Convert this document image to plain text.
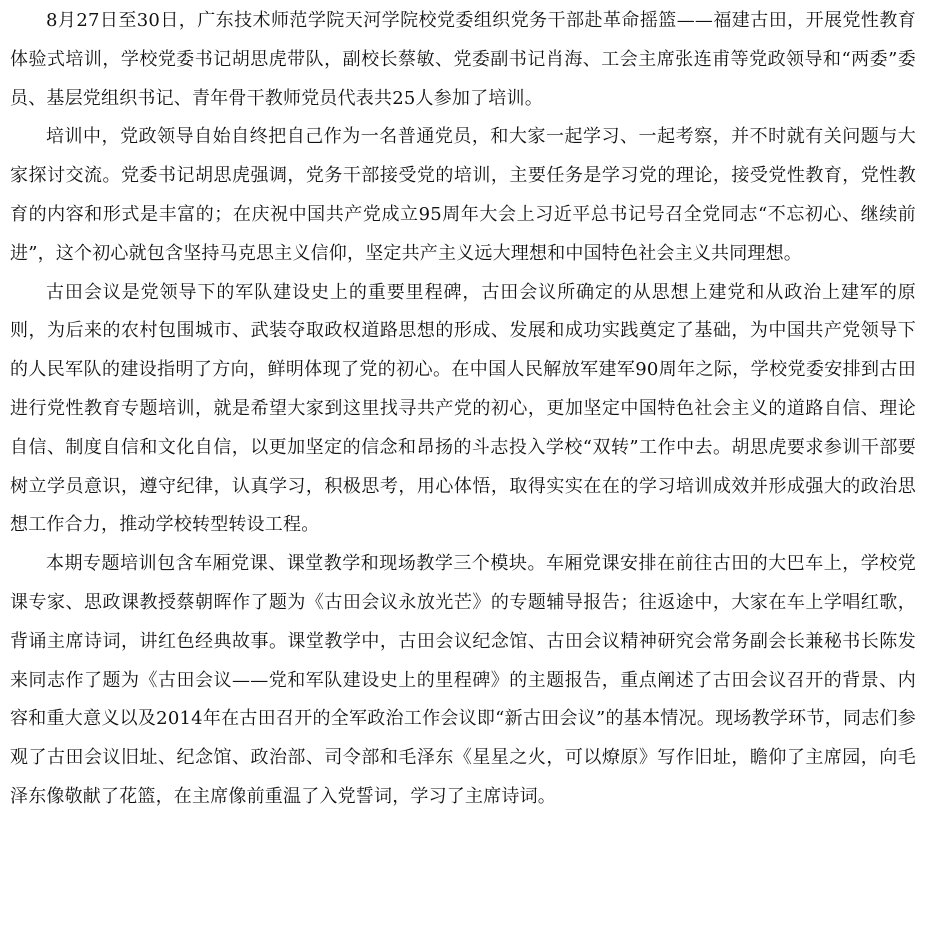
8月27日至30日，广东技术师范学院天河学院校党委组织党务干部赴革命摇篮——福建古田，开展党性教育体验式培训，学校党委书记胡思虎带队，副校长蔡敏、党委副书记肖海、工会主席张连甫等党政领导和“两委”委员、基层党组织书记、青年骨干教师党员代表共25人参加了培训。

培训中，党政领导自始自终把自己作为一名普通党员，和大家一起学习、一起考察，并不时就有关问题与大家探讨交流。党委书记胡思虎强调，党务干部接受党的培训，主要任务是学习党的理论，接受党性教育，党性教育的内容和形式是丰富的；在庆祝中国共产党成立95周年大会上习近平总书记号召全党同志“不忘初心、继续前进”，这个初心就包含坚持马克思主义信仰，坚定共产主义远大理想和中国特色社会主义共同理想。

古田会议是党领导下的军队建设史上的重要里程碑，古田会议所确定的从思想上建党和从政治上建军的原则，为后来的农村包围城市、武装夺取政权道路思想的形成、发展和成功实践奠定了基础，为中国共产党领导下的人民军队的建设指明了方向，鲜明体现了党的初心。在中国人民解放军建军90周年之际，学校党委安排到古田进行党性教育专题培训，就是希望大家到这里找寻共产党的初心，更加坚定中国特色社会主义的道路自信、理论自信、制度自信和文化自信，以更加坚定的信念和昂扬的斗志投入学校“双转”工作中去。胡思虎要求参训干部要树立学员意识，遵守纪律，认真学习，积极思考，用心体悟，取得实实在在的学习培训成效并形成强大的政治思想工作合力，推动学校转型转设工程。

本期专题培训包含车厢党课、课堂教学和现场教学三个模块。车厢党课安排在前往古田的大巴车上，学校党课专家、思政课教授蔡朝晖作了题为《古田会议永放光芒》的专题辅导报告；往返途中，大家在车上学唱红歌，背诵主席诗词，讲红色经典故事。课堂教学中，古田会议纪念馆、古田会议精神研究会常务副会长兼秘书长陈发来同志作了题为《古田会议——党和军队建设史上的里程碑》的主题报告，重点阐述了古田会议召开的背景、内容和重大意义以及2014年在古田召开的全军政治工作会议即“新古田会议”的基本情况。现场教学环节，同志们参观了古田会议旧址、纪念馆、政治部、司令部和毛泽东《星星之火，可以燎原》写作旧址，瞻仰了主席园，向毛泽东像敬献了花篮，在主席像前重温了入党誓词，学习了主席诗词。
